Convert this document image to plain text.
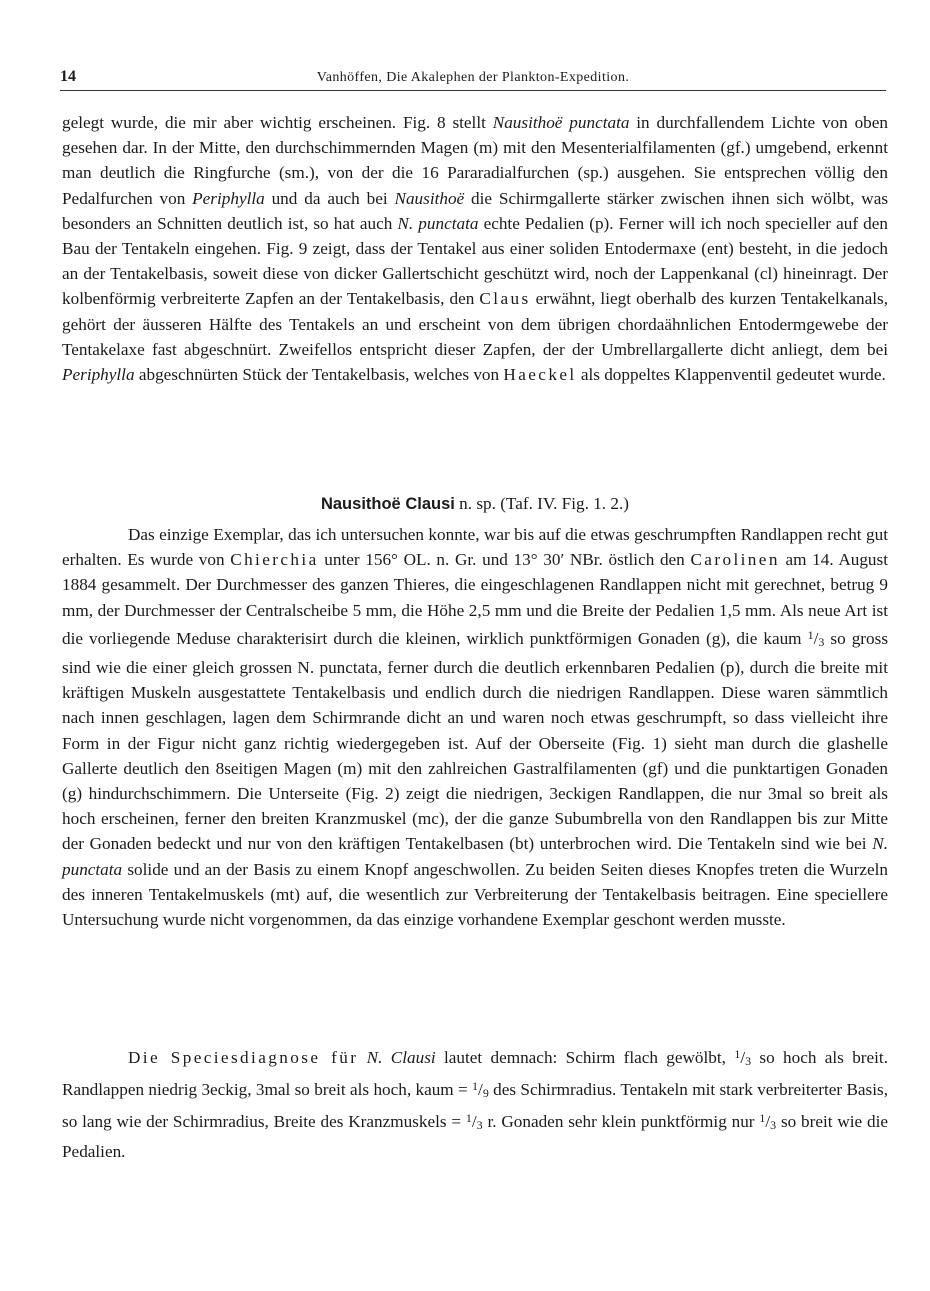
14	Vanhöffen, Die Akalephen der Plankton-Expedition.

gelegt wurde, die mir aber wichtig erscheinen. Fig. 8 stellt Nausithoë punctata in durchfallendem Lichte von oben gesehen dar. In der Mitte, den durchschimmernden Magen (m) mit den Mesenterialfilamenten (gf.) umgebend, erkennt man deutlich die Ringfurche (sm.), von der die 16 Pararadialfurchen (sp.) ausgehen. Sie entsprechen völlig den Pedalfurchen von Periphylla und da auch bei Nausithoë die Schirmgallerte stärker zwischen ihnen sich wölbt, was besonders an Schnitten deutlich ist, so hat auch N. punctata echte Pedalien (p). Ferner will ich noch specieller auf den Bau der Tentakeln eingehen. Fig. 9 zeigt, dass der Tentakel aus einer soliden Entodermaxe (ent) besteht, in die jedoch an der Tentakelbasis, soweit diese von dicker Gallertschicht geschützt wird, noch der Lappenkanal (cl) hineinragt. Der kolbenförmig verbreiterte Zapfen an der Tentakelbasis, den Claus erwähnt, liegt oberhalb des kurzen Tentakelkanals, gehört der äusseren Hälfte des Tentakels an und erscheint von dem übrigen chordaähnlichen Entodermgewebe der Tentakelaxe fast abgeschnürt. Zweifellos entspricht dieser Zapfen, der der Umbrellargallerte dicht anliegt, dem bei Periphylla abgeschnürten Stück der Tentakelbasis, welches von Haeckel als doppeltes Klappenventil gedeutet wurde.

Nausithoë Clausi n. sp. (Taf. IV. Fig. 1. 2.)

Das einzige Exemplar, das ich untersuchen konnte, war bis auf die etwas geschrumpften Randlappen recht gut erhalten. Es wurde von Chierchia unter 156° OL. n. Gr. und 13° 30′ NBr. östlich den Carolinen am 14. August 1884 gesammelt. Der Durchmesser des ganzen Thieres, die eingeschlagenen Randlappen nicht mit gerechnet, betrug 9 mm, der Durchmesser der Centralscheibe 5 mm, die Höhe 2,5 mm und die Breite der Pedalien 1,5 mm. Als neue Art ist die vorliegende Meduse charakterisirt durch die kleinen, wirklich punktförmigen Gonaden (g), die kaum $^1/_3$ so gross sind wie die einer gleich grossen N. punctata, ferner durch die deutlich erkennbaren Pedalien (p), durch die breite mit kräftigen Muskeln ausgestattete Tentakelbasis und endlich durch die niedrigen Randlappen. Diese waren sämmtlich nach innen geschlagen, lagen dem Schirmrande dicht an und waren noch etwas geschrumpft, so dass vielleicht ihre Form in der Figur nicht ganz richtig wiedergegeben ist. Auf der Oberseite (Fig. 1) sieht man durch die glashelle Gallerte deutlich den 8seitigen Magen (m) mit den zahlreichen Gastralfilamenten (gf) und die punktartigen Gonaden (g) hindurchschimmern. Die Unterseite (Fig. 2) zeigt die niedrigen, 3eckigen Randlappen, die nur 3mal so breit als hoch erscheinen, ferner den breiten Kranzmuskel (mc), der die ganze Subumbrella von den Randlappen bis zur Mitte der Gonaden bedeckt und nur von den kräftigen Tentakelbasen (bt) unterbrochen wird. Die Tentakeln sind wie bei N. punctata solide und an der Basis zu einem Knopf angeschwollen. Zu beiden Seiten dieses Knopfes treten die Wurzeln des inneren Tentakelmuskels (mt) auf, die wesentlich zur Verbreiterung der Tentakelbasis beitragen. Eine speciellere Untersuchung wurde nicht vorgenommen, da das einzige vorhandene Exemplar geschont werden musste.

Die Speciesdiagnose für N. Clausi lautet demnach: Schirm flach gewölbt, $^1/_3$ so hoch als breit. Randlappen niedrig 3eckig, 3mal so breit als hoch, kaum = $^1/_9$ des Schirmradius. Tentakeln mit stark verbreiterter Basis, so lang wie der Schirmradius, Breite des Kranzmuskels = $^1/_3$ r. Gonaden sehr klein punktförmig nur $^1/_3$ so breit wie die Pedalien.
